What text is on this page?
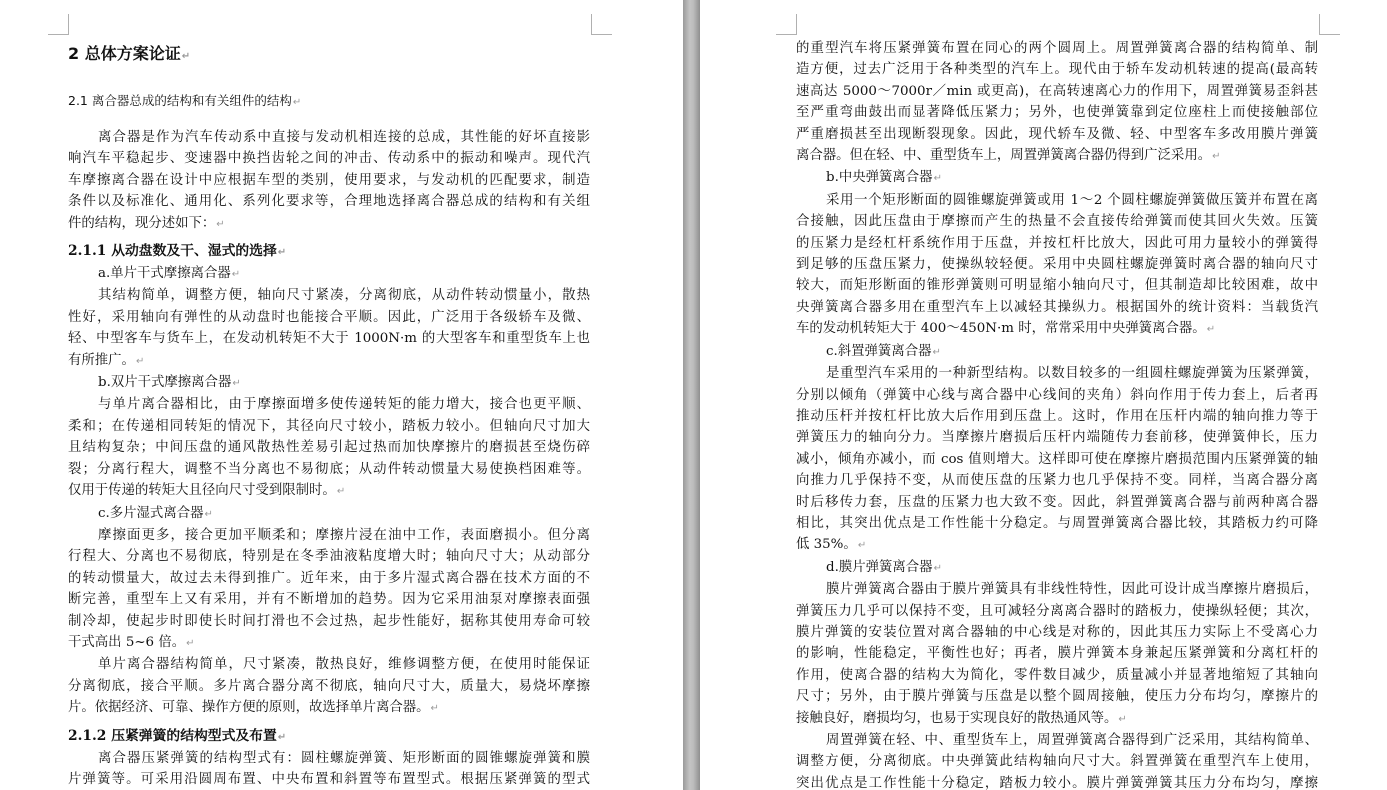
2 总体方案论证↵
2.1 离合器总成的结构和有关组件的结构↵
离合器是作为汽车传动系中直接与发动机相连接的总成，其性能的好坏直接影
响汽车平稳起步、变速器中换挡齿轮之间的冲击、传动系中的振动和噪声。现代汽
车摩擦离合器在设计中应根据车型的类别，使用要求，与发动机的匹配要求，制造
条件以及标准化、通用化、系列化要求等，合理地选择离合器总成的结构和有关组
件的结构，现分述如下：↵
2.1.1 从动盘数及干、湿式的选择↵
a.单片干式摩擦离合器↵
其结构简单，调整方便，轴向尺寸紧凑，分离彻底，从动件转动惯量小，散热
性好，采用轴向有弹性的从动盘时也能接合平顺。因此，广泛用于各级轿车及微、
轻、中型客车与货车上，在发动机转矩不大于 1000N·m 的大型客车和重型货车上也
有所推广。↵
b.双片干式摩擦离合器↵
与单片离合器相比，由于摩擦面增多使传递转矩的能力增大，接合也更平顺、
柔和；在传递相同转矩的情况下，其径向尺寸较小，踏板力较小。但轴向尺寸加大
且结构复杂；中间压盘的通风散热性差易引起过热而加快摩擦片的磨损甚至烧伤碎
裂；分离行程大，调整不当分离也不易彻底；从动件转动惯量大易使换档困难等。
仅用于传递的转矩大且径向尺寸受到限制时。↵
c.多片湿式离合器↵
摩擦面更多，接合更加平顺柔和；摩擦片浸在油中工作，表面磨损小。但分离
行程大、分离也不易彻底，特别是在冬季油液粘度增大时；轴向尺寸大；从动部分
的转动惯量大，故过去未得到推广。近年来，由于多片湿式离合器在技术方面的不
断完善，重型车上又有采用，并有不断增加的趋势。因为它采用油泵对摩擦表面强
制冷却，使起步时即使长时间打滑也不会过热，起步性能好，据称其使用寿命可较
干式高出 5~6 倍。↵
单片离合器结构简单，尺寸紧凑，散热良好，维修调整方便，在使用时能保证
分离彻底，接合平顺。多片离合器分离不彻底，轴向尺寸大，质量大，易烧坏摩擦
片。依据经济、可靠、操作方便的原则，故选择单片离合器。↵
2.1.2 压紧弹簧的结构型式及布置↵
离合器压紧弹簧的结构型式有：圆柱螺旋弹簧、矩形断面的圆锥螺旋弹簧和膜
片弹簧等。可采用沿圆周布置、中央布置和斜置等布置型式。根据压紧弹簧的型式
的重型汽车将压紧弹簧布置在同心的两个圆周上。周置弹簧离合器的结构简单、制
造方便，过去广泛用于各种类型的汽车上。现代由于轿车发动机转速的提高(最高转
速高达 5000～7000r／min 或更高)，在高转速离心力的作用下，周置弹簧易歪斜甚
至严重弯曲鼓出而显著降低压紧力；另外，也使弹簧靠到定位座柱上而使接触部位
严重磨损甚至出现断裂现象。因此，现代轿车及微、轻、中型客车多改用膜片弹簧
离合器。但在轻、中、重型货车上，周置弹簧离合器仍得到广泛采用。↵
b.中央弹簧离合器↵
采用一个矩形断面的圆锥螺旋弹簧或用 1～2 个圆柱螺旋弹簧做压簧并布置在离
合接触，因此压盘由于摩擦而产生的热量不会直接传给弹簧而使其回火失效。压簧
的压紧力是经杠杆系统作用于压盘，并按杠杆比放大，因此可用力量较小的弹簧得
到足够的压盘压紧力，使操纵较轻便。采用中央圆柱螺旋弹簧时离合器的轴向尺寸
较大，而矩形断面的锥形弹簧则可明显缩小轴向尺寸，但其制造却比较困难，故中
央弹簧离合器多用在重型汽车上以减轻其操纵力。根据国外的统计资料：当载货汽
车的发动机转矩大于 400～450N·m 时，常常采用中央弹簧离合器。↵
c.斜置弹簧离合器↵
是重型汽车采用的一种新型结构。以数目较多的一组圆柱螺旋弹簧为压紧弹簧，
分别以倾角（弹簧中心线与离合器中心线间的夹角）斜向作用于传力套上，后者再
推动压杆并按杠杆比放大后作用到压盘上。这时，作用在压杆内端的轴向推力等于
弹簧压力的轴向分力。当摩擦片磨损后压杆内端随传力套前移，使弹簧伸长，压力
减小，倾角亦减小，而 cos 值则增大。这样即可使在摩擦片磨损范围内压紧弹簧的轴
向推力几乎保持不变，从而使压盘的压紧力也几乎保持不变。同样，当离合器分离
时后移传力套，压盘的压紧力也大致不变。因此，斜置弹簧离合器与前两种离合器
相比，其突出优点是工作性能十分稳定。与周置弹簧离合器比较，其踏板力约可降
低 35%。↵
d.膜片弹簧离合器↵
膜片弹簧离合器由于膜片弹簧具有非线性特性，因此可设计成当摩擦片磨损后，
弹簧压力几乎可以保持不变，且可减轻分离离合器时的踏板力，使操纵轻便；其次，
膜片弹簧的安装位置对离合器轴的中心线是对称的，因此其压力实际上不受离心力
的影响，性能稳定，平衡性也好；再者，膜片弹簧本身兼起压紧弹簧和分离杠杆的
作用，使离合器的结构大为简化，零件数目减少，质量减小并显著地缩短了其轴向
尺寸；另外，由于膜片弹簧与压盘是以整个圆周接触，使压力分布均匀，摩擦片的
接触良好，磨损均匀，也易于实现良好的散热通风等。↵
周置弹簧在轻、中、重型货车上，周置弹簧离合器得到广泛采用，其结构简单、
调整方便，分离彻底。中央弹簧此结构轴向尺寸大。斜置弹簧在重型汽车上使用，
突出优点是工作性能十分稳定，踏板力较小。膜片弹簧弹簧其压力分布均匀，摩擦
